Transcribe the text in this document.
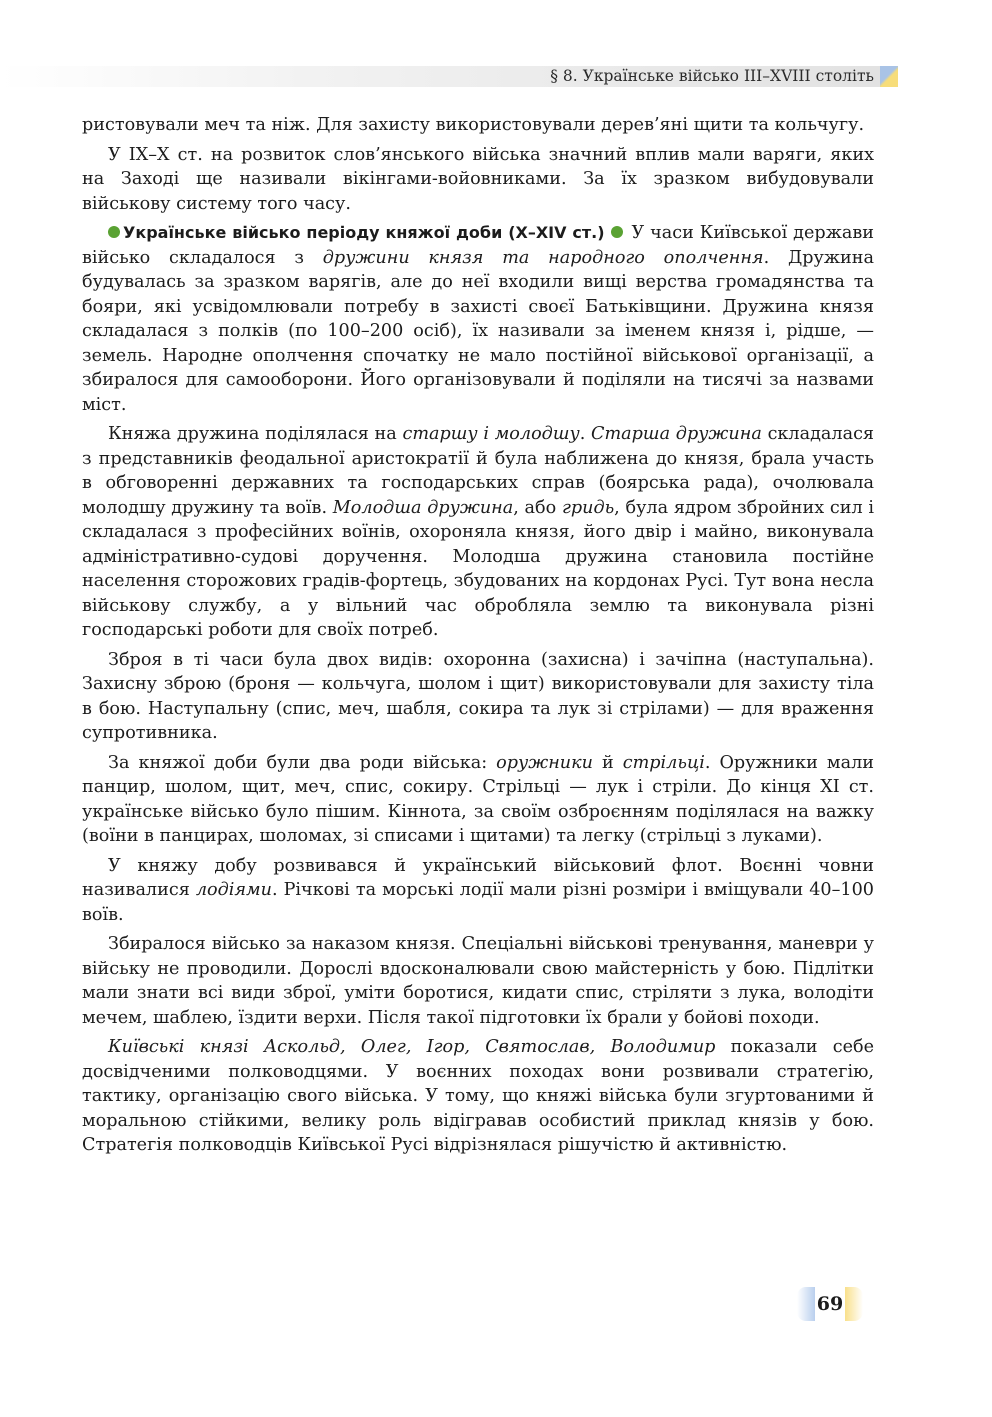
§ 8. Українське військо ІІІ–ХVІІІ століть

ристовували меч та ніж. Для захисту використовували дерев’яні щити та кольчугу.

У ІХ–Х ст. на розвиток слов’янського війська значний вплив мали варяги, яких на Заході ще називали вікінгами-войовниками. За їх зразком вибудовували військову систему того часу.

Українське військо періоду княжої доби (Х–ХІV ст.)  У часи Київської держави військо складалося з дружини князя та народного ополчення. Дружина будувалась за зразком варягів, але до неї входили вищі верства громадянства та бояри, які усвідомлювали потребу в захисті своєї Батьківщини. Дружина князя складалася з полків (по 100–200 осіб), їх називали за іменем князя і, рідше, — земель. Народне ополчення спочатку не мало постійної військової організації, а збиралося для самооборони. Його організовували й поділяли на тисячі за назвами міст.

Княжа дружина поділялася на старшу і молодшу. Старша дружина складалася з представників феодальної аристократії й була наближена до князя, брала участь в обговоренні державних та господарських справ (боярська рада), очолювала молодшу дружину та воїв. Молодша дружина, або гридь, була ядром збройних сил і складалася з професійних воїнів, охороняла князя, його двір і майно, виконувала адміністративно-судові доручення. Молодша дружина становила постійне населення сторожових градів-фортець, збудованих на кордонах Русі. Тут вона несла військову службу, а у вільний час обробляла землю та виконувала різні господарські роботи для своїх потреб.

Зброя в ті часи була двох видів: охоронна (захисна) і зачіпна (наступальна). Захисну зброю (броня — кольчуга, шолом і щит) використовували для захисту тіла в бою. Наступальну (спис, меч, шабля, сокира та лук зі стрілами) — для враження супротивника.

За княжої доби були два роди війська: оружники й стрільці. Оружники мали панцир, шолом, щит, меч, спис, сокиру. Стрільці — лук і стріли. До кінця ХІ ст. українське військо було пішим. Кіннота, за своїм озброєнням поділялася на важку (воїни в панцирах, шоломах, зі списами і щитами) та легку (стрільці з луками).

У княжу добу розвивався й український військовий флот. Воєнні човни називалися лодіями. Річкові та морські лодії мали різні розміри і вміщували 40–100 воїв.

Збиралося військо за наказом князя. Спеціальні військові тренування, маневри у війську не проводили. Дорослі вдосконалювали свою майстерність у бою. Підлітки мали знати всі види зброї, уміти боротися, кидати спис, стріляти з лука, володіти мечем, шаблею, їздити верхи. Після такої підготовки їх брали у бойові походи.

Київські князі Аскольд, Олег, Ігор, Святослав, Володимир показали себе досвідченими полководцями. У воєнних походах вони розвивали стратегію, тактику, організацію свого війська. У тому, що княжі війська були згуртованими й моральною стійкими, велику роль відігравав особистий приклад князів у бою. Стратегія полководців Київської Русі відрізнялася рішучістю й активністю.

69
